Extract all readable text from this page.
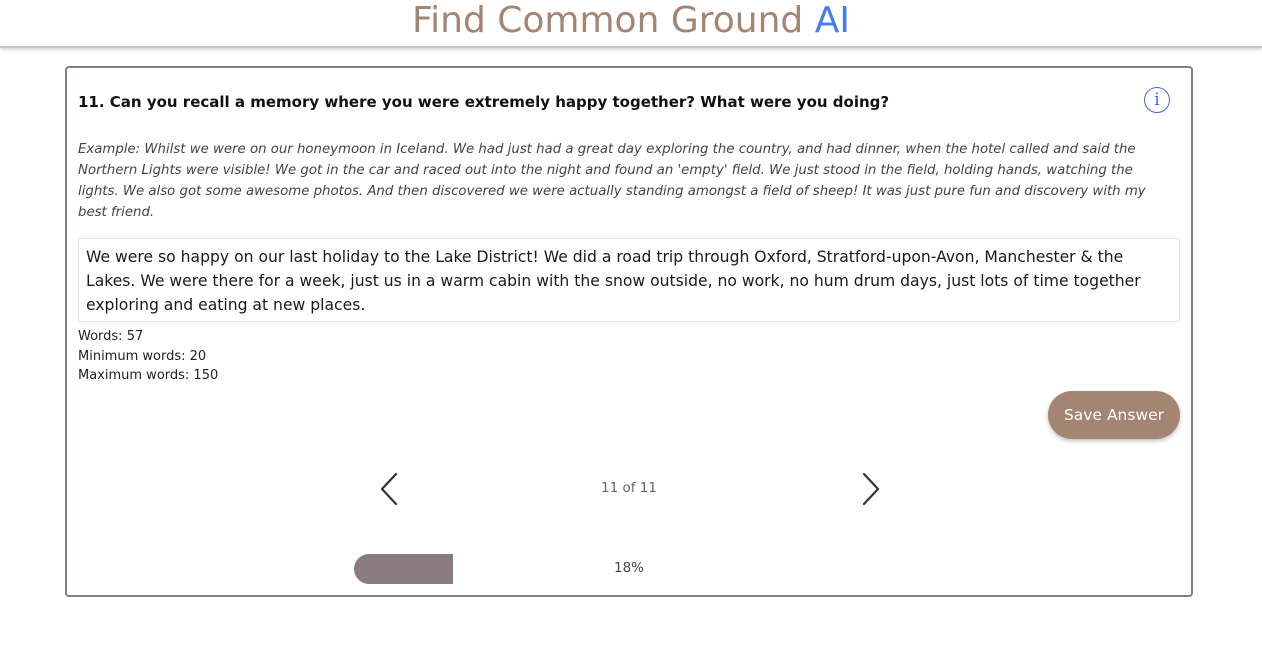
Find Common Ground AI
11. Can you recall a memory where you were extremely happy together? What were you doing?	i
Example: Whilst we were on our honeymoon in Iceland. We had just had a great day exploring the country, and had dinner, when the hotel called and said the Northern Lights were visible! We got in the car and raced out into the night and found an 'empty' field. We just stood in the field, holding hands, watching the lights. We also got some awesome photos. And then discovered we were actually standing amongst a field of sheep! It was just pure fun and discovery with my best friend.
We were so happy on our last holiday to the Lake District! We did a road trip through Oxford, Stratford-upon-Avon, Manchester & the Lakes. We were there for a week, just us in a warm cabin with the snow outside, no work, no hum drum days, just lots of time together exploring and eating at new places.
Words: 57
Minimum words: 20
Maximum words: 150
Save Answer
11 of 11
18%
